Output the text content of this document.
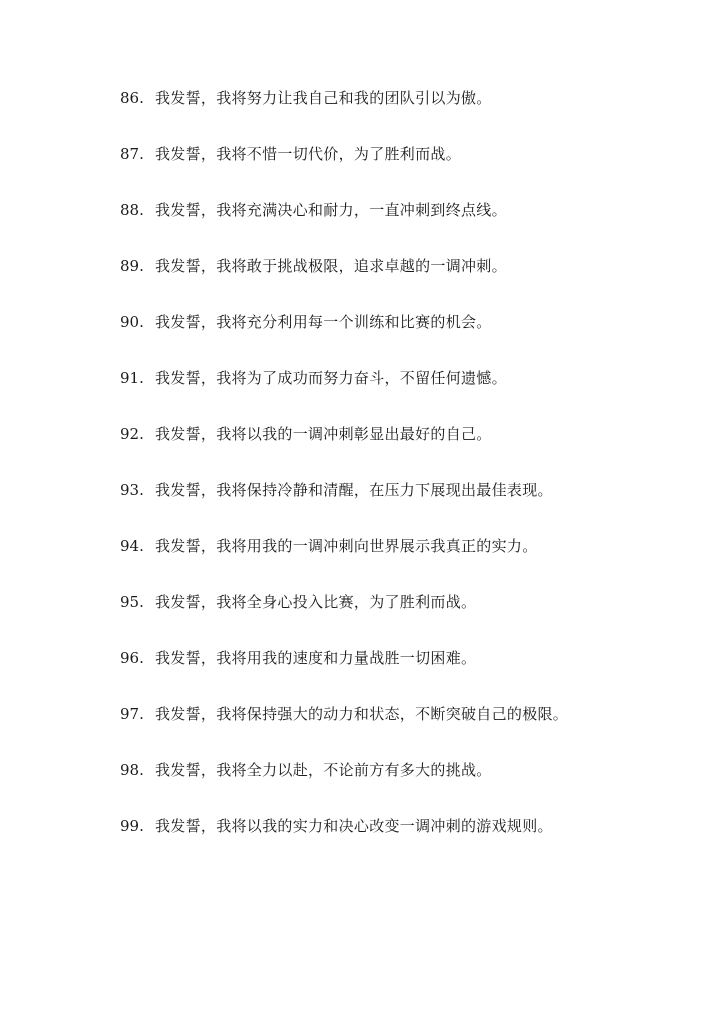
86. 我发誓，我将努力让我自己和我的团队引以为傲。
87. 我发誓，我将不惜一切代价，为了胜利而战。
88. 我发誓，我将充满决心和耐力，一直冲刺到终点线。
89. 我发誓，我将敢于挑战极限，追求卓越的一调冲刺。
90. 我发誓，我将充分利用每一个训练和比赛的机会。
91. 我发誓，我将为了成功而努力奋斗，不留任何遗憾。
92. 我发誓，我将以我的一调冲刺彰显出最好的自己。
93. 我发誓，我将保持冷静和清醒，在压力下展现出最佳表现。
94. 我发誓，我将用我的一调冲刺向世界展示我真正的实力。
95. 我发誓，我将全身心投入比赛，为了胜利而战。
96. 我发誓，我将用我的速度和力量战胜一切困难。
97. 我发誓，我将保持强大的动力和状态，不断突破自己的极限。
98. 我发誓，我将全力以赴，不论前方有多大的挑战。
99. 我发誓，我将以我的实力和决心改变一调冲刺的游戏规则。
